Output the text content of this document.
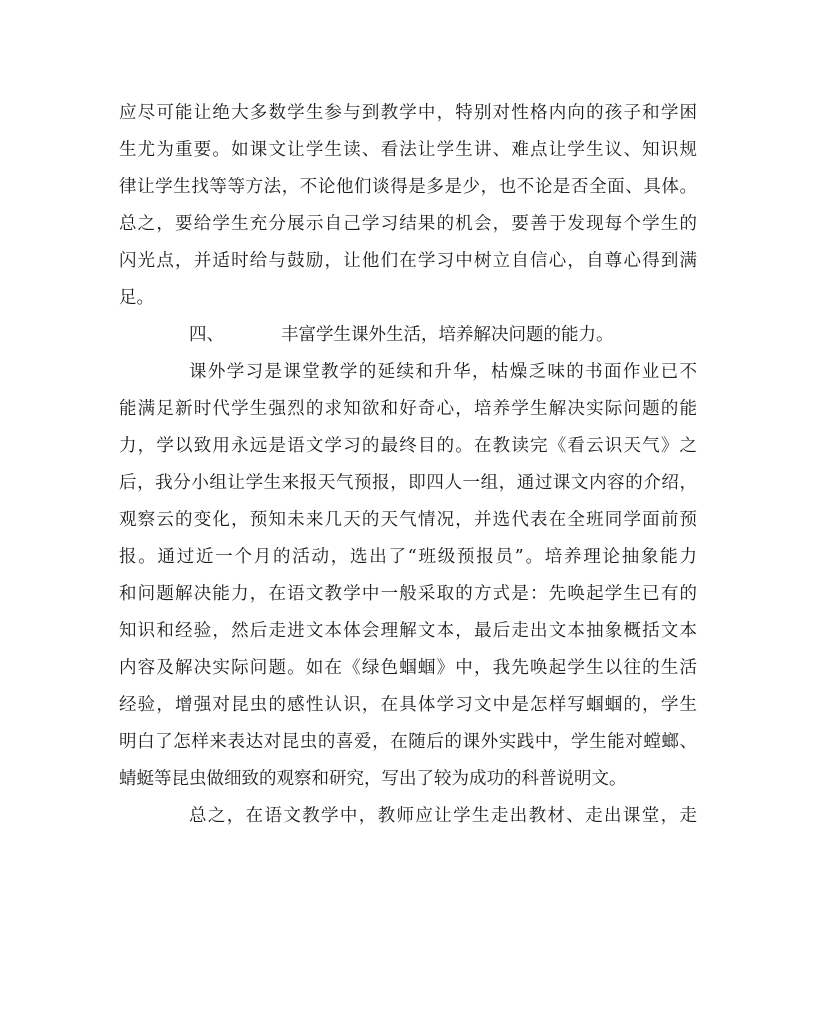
应尽可能让绝大多数学生参与到教学中，特别对性格内向的孩子和学困
生尤为重要。如课文让学生读、看法让学生讲、难点让学生议、知识规
律让学生找等等方法，不论他们谈得是多是少，也不论是否全面、具体。
总之，要给学生充分展示自己学习结果的机会，要善于发现每个学生的
闪光点，并适时给与鼓励，让他们在学习中树立自信心，自尊心得到满
足。
四、	丰富学生课外生活，培养解决问题的能力。
课外学习是课堂教学的延续和升华，枯燥乏味的书面作业已不
能满足新时代学生强烈的求知欲和好奇心，培养学生解决实际问题的能
力，学以致用永远是语文学习的最终目的。在教读完《看云识天气》之
后，我分小组让学生来报天气预报，即四人一组，通过课文内容的介绍，
观察云的变化，预知未来几天的天气情况，并选代表在全班同学面前预
报。通过近一个月的活动，选出了“班级预报员”。培养理论抽象能力
和问题解决能力，在语文教学中一般采取的方式是：先唤起学生已有的
知识和经验，然后走进文本体会理解文本，最后走出文本抽象概括文本
内容及解决实际问题。如在《绿色蝈蝈》中，我先唤起学生以往的生活
经验，增强对昆虫的感性认识，在具体学习文中是怎样写蝈蝈的，学生
明白了怎样来表达对昆虫的喜爱，在随后的课外实践中，学生能对螳螂、
蜻蜓等昆虫做细致的观察和研究，写出了较为成功的科普说明文。
总之，在语文教学中，教师应让学生走出教材、走出课堂，走
